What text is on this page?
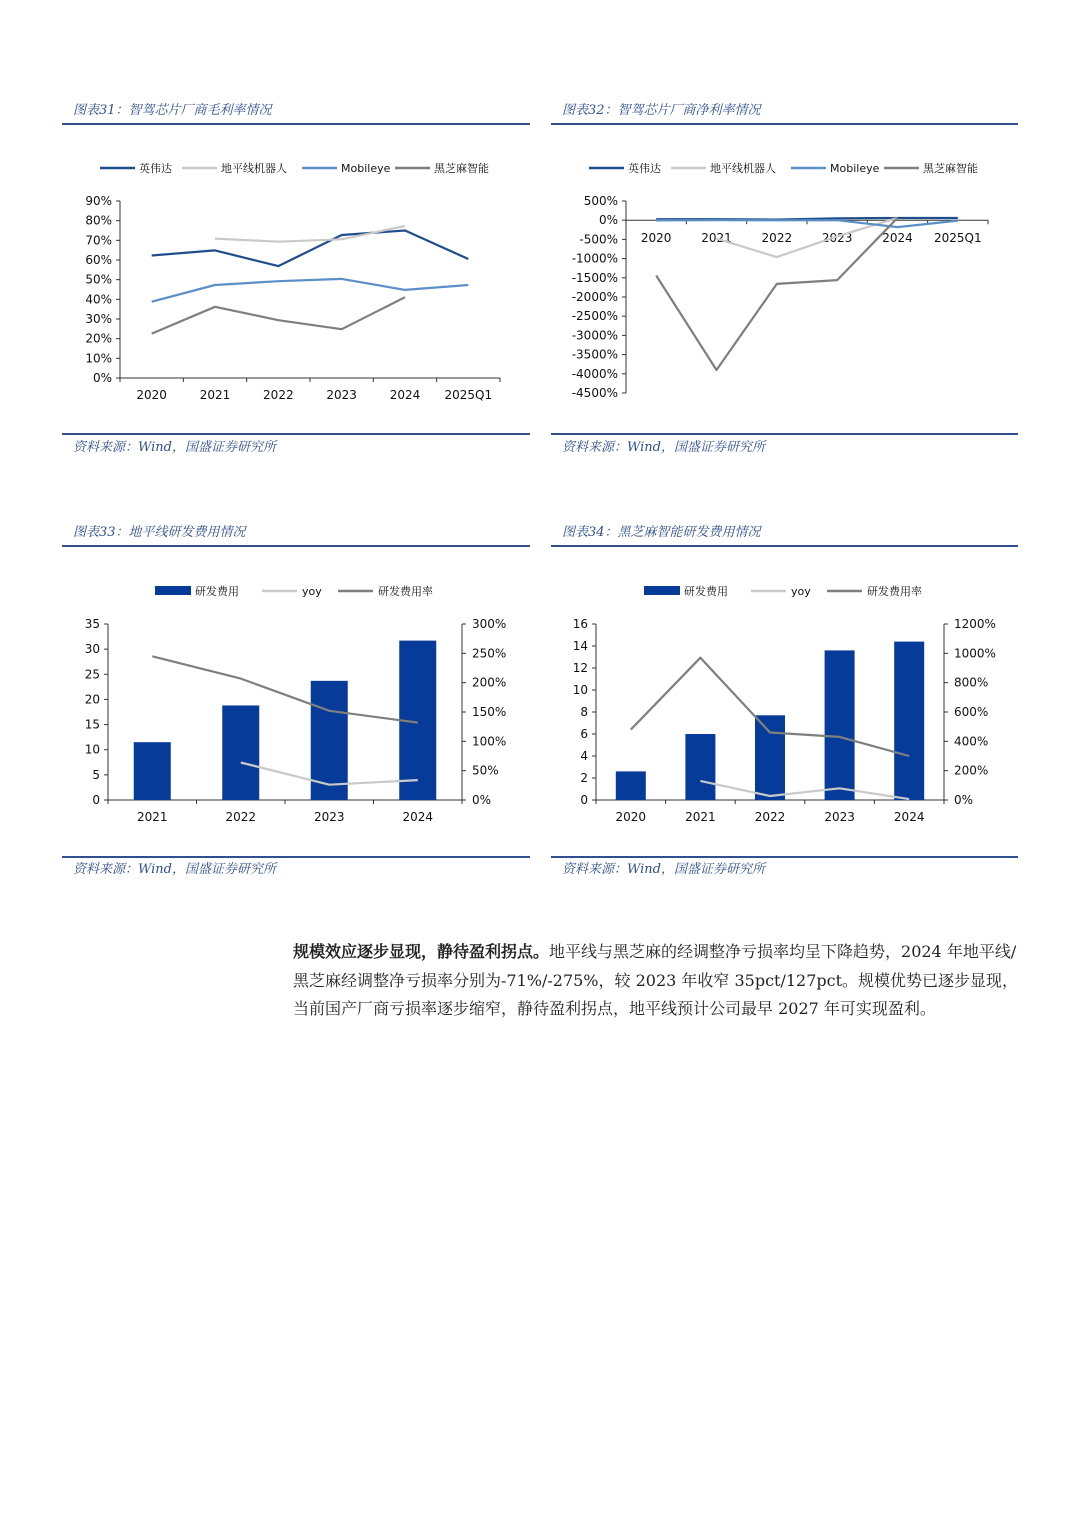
图表31：智驾芯片厂商毛利率情况
资料来源：Wind，国盛证券研究所
图表32：智驾芯片厂商净利率情况
资料来源：Wind，国盛证券研究所
图表33：地平线研发费用情况
资料来源：Wind，国盛证券研究所
图表34：黑芝麻智能研发费用情况
资料来源：Wind，国盛证券研究所
0%
10%
20%
30%
40%
50%
60%
70%
80%
90%
2020	2021	2022	2023	2024 2025Q1
英伟达	地平线机器人	Mobileye	黑芝麻智能
-4500%
-4000%
-3500%
-3000%
-2500%
-2000%
-1500%
-1000%
-500%
0%
500%
2020 2021 2022 2023 2024 2025Q1
英伟达	地平线机器人	Mobileye	黑芝麻智能
0
5
10
15
20
25
30
35
0%
50%
100%
150%
200%
250%
300%
2021	2022	2023	2024
研发费用	yoy	研发费用率
0
2
4
6
8
10
12
14
16
0%
200%
400%
600%
800%
1000%
1200%
2020	2021	2022	2023	2024
研发费用	yoy	研发费用率
规模效应逐步显现，静待盈利拐点。地平线与黑芝麻的经调整净亏损率均呈下降趋势，2024 年地平线/黑芝麻经调整净亏损率分别为-71%/-275%，较 2023 年收窄 35pct/127pct。规模优势已逐步显现，当前国产厂商亏损率逐步缩窄，静待盈利拐点，地平线预计公司最早 2027 年可实现盈利。
